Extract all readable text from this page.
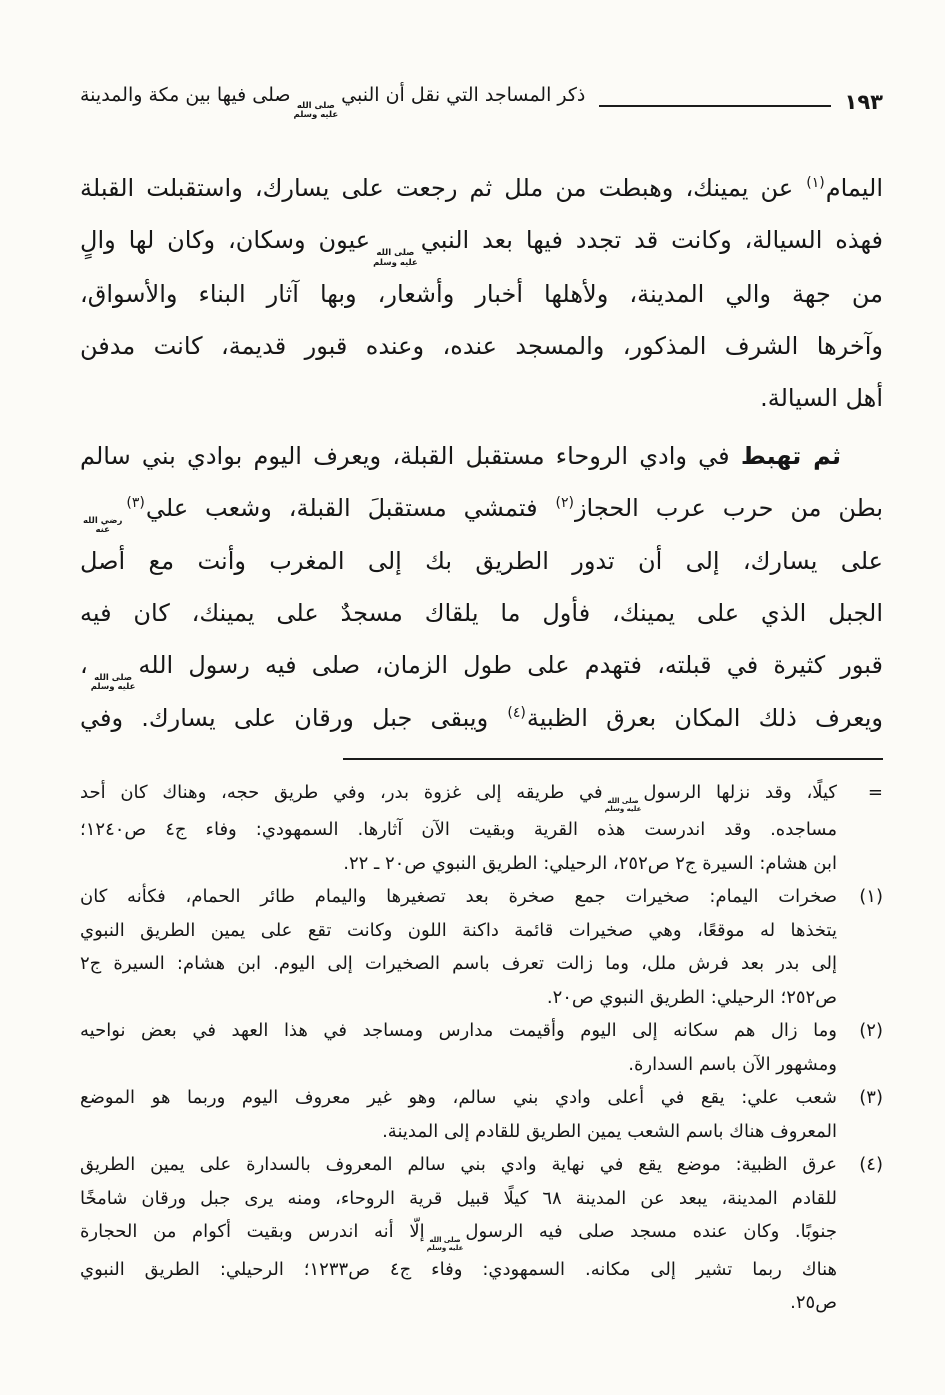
١٩٣
ذكر المساجد التي نقل أن النبي
صلى الله
عليه وسلم
صلى فيها بين مكة والمدينة
اليمام$^{(١)}$ عن يمينك، وهبطت من ملل ثم رجعت على يسارك، واستقبلت القبلة
فهذه السيالة، وكانت قد تجدد فيها بعد النبي
صلى الله
عليه وسلم
عيون وسكان، وكان لها والٍ
من جهة والي المدينة، ولأهلها أخبار وأشعار، وبها آثار البناء والأسواق،
وآخرها الشرف المذكور، والمسجد عنده، وعنده قبور قديمة، كانت مدفن
أهل السيالة.
ثم تهبط في وادي الروحاء مستقبل القبلة، ويعرف اليوم بوادي بني سالم
بطن من حرب عرب الحجاز$^{(٢)}$ فتمشي مستقبلَ القبلة، وشعب علي$^{(٣)}$
رضي الله
عنه
على يسارك، إلى أن تدور الطريق بك إلى المغرب وأنت مع أصل
الجبل الذي على يمينك، فأول ما يلقاك مسجدٌ على يمينك، كان فيه
قبور كثيرة في قبلته، فتهدم على طول الزمان، صلى فيه رسول الله
صلى الله
عليه وسلم
،
ويعرف ذلك المكان بعرق الظبية$^{(٤)}$ ويبقى جبل ورقان على يسارك. وفي
=
كيلًا، وقد نزلها الرسول
صلى الله
عليه وسلم
في طريقه إلى غزوة بدر، وفي طريق حجه، وهناك كان أحد
مساجده. وقد اندرست هذه القرية وبقيت الآن آثارها. السمهودي: وفاء ج٤ ص١٢٤٠؛
ابن هشام: السيرة ج٢ ص٢٥٢، الرحيلي: الطريق النبوي ص٢٠ ـ ٢٢.
(١)
صخرات اليمام: صخيرات جمع صخرة بعد تصغيرها واليمام طائر الحمام، فكأنه كان
يتخذها له موقعًا، وهي صخيرات قائمة داكنة اللون وكانت تقع على يمين الطريق النبوي
إلى بدر بعد فرش ملل، وما زالت تعرف باسم الصخيرات إلى اليوم. ابن هشام: السيرة ج٢
ص٢٥٢؛ الرحيلي: الطريق النبوي ص٢٠.
(٢)
وما زال هم سكانه إلى اليوم وأقيمت مدارس ومساجد في هذا العهد في بعض نواحيه
ومشهور الآن باسم السدارة.
(٣)
شعب علي: يقع في أعلى وادي بني سالم، وهو غير معروف اليوم وربما هو الموضع
المعروف هناك باسم الشعب يمين الطريق للقادم إلى المدينة.
(٤)
عرق الظبية: موضع يقع في نهاية وادي بني سالم المعروف بالسدارة على يمين الطريق
للقادم المدينة، يبعد عن المدينة ٦٨ كيلًا قبيل قرية الروحاء، ومنه يرى جبل ورقان شامخًا
جنوبًا. وكان عنده مسجد صلى فيه الرسول
صلى الله
عليه وسلم
إلّا أنه اندرس وبقيت أكوام من الحجارة
هناك ربما تشير إلى مكانه. السمهودي: وفاء ج٤ ص١٢٣٣؛ الرحيلي: الطريق النبوي
ص٢٥.
